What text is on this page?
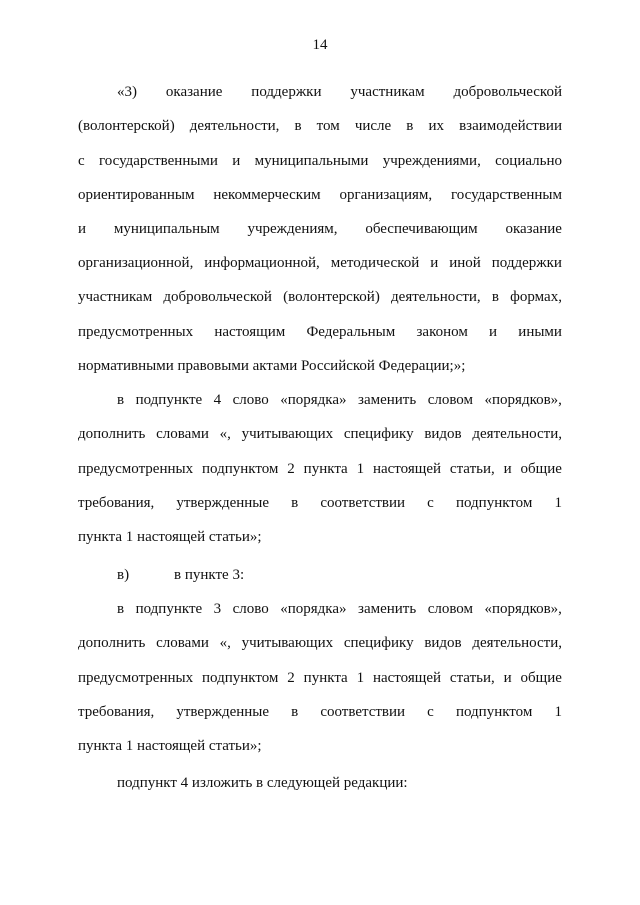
14
«3) оказание поддержки участникам добровольческой
(волонтерской) деятельности, в том числе в их взаимодействии
с государственными и муниципальными учреждениями, социально
ориентированным некоммерческим организациям, государственным
и муниципальным учреждениям, обеспечивающим оказание
организационной, информационной, методической и иной поддержки
участникам добровольческой (волонтерской) деятельности, в формах,
предусмотренных настоящим Федеральным законом и иными
нормативными правовыми актами Российской Федерации;»;
в подпункте 4 слово «порядка» заменить словом «порядков»,
дополнить словами «, учитывающих специфику видов деятельности,
предусмотренных подпунктом 2 пункта 1 настоящей статьи, и общие
требования, утвержденные в соответствии с подпунктом 1
пункта 1 настоящей статьи»;
в)	в пункте 3:
в подпункте 3 слово «порядка» заменить словом «порядков»,
дополнить словами «, учитывающих специфику видов деятельности,
предусмотренных подпунктом 2 пункта 1 настоящей статьи, и общие
требования, утвержденные в соответствии с подпунктом 1
пункта 1 настоящей статьи»;
подпункт 4 изложить в следующей редакции:
